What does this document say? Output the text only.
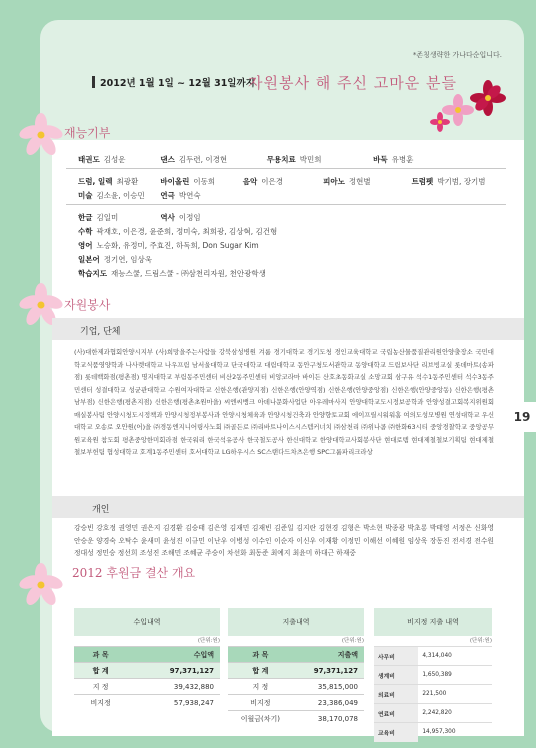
*존칭생략한 가나다순입니다.
2012년 1월 1일 ~ 12월 31일까지
자원봉사 해 주신 고마운 분들
재능기부
태권도 김성운	댄스 김두련, 이경현	무용치료 박민희	바둑 유병훈
드럼, 일렉 최광환	바이올린 이동희	음악 이은경	피아노 정현별	트럼펫 박기범, 장기범
미술 김소윤, 이승민 연극 박연숙
한글 김일미	역사 이정임
수학 곽재호, 이은경, 윤준희, 정미숙, 최희광, 김상혁, 김건형
영어 노승화, 유정미, 주효진, 하독희, Don Sugar Kim
일본어 정기연, 임상욱
학습지도 재능스쿨, 드림스쿨 - ㈜삼천리자원, 천안광학생
자원봉사
기업, 단체
(사)대한제과협회안양시지부 (사)희망을주는사람들 강북삼성병원 겨룸 경기대학교 경기도청 경인교육대학교 국립농산물품질관리원안양출장소 국민대학교식품영양학과 나사렛대학교 나우프림 남서울대학교 단국대학교 대림대학교 동안구청도서관학교 동양대학교 드림보사단 리브빙교실 롯데마트(송파점) 롯데백화점(평촌점) 명지대학교 부림동주민센터 비산2동주민센터 비앙코라마 바이든 산호초동화교실 소망교회 삼구유 석수1동주민센터 석수3동주민센터 성결대학교 성균관대학교 수원여자대학교 신한은행(관양지점) 신한은행(안양역점) 신한은행(안양중앙점) 신한은행(안양중앙동) 신한은행(평촌남부점) 신한은행(평촌지점) 신한은행(평촌초원마을) 씨엔씨뱅크 아데나문화사업단 아우레마사지 안양대학교도시정보공학과 안양성결고회복지위원회매실봉사팀 안양시청도시정책과 안양시청정부봉사과 안양시청체육과 안양시청건축과 안양향토교회 에이프릴시워워홈 여의도성모병원 연성대학교 우신대학교 오송로 오안원(어)을 ㈜경동엔지니어링사노회 ㈜골든로 ㈜리바트나이스시스템커너치 ㈜삼천리 ㈜위나콤 ㈜한화63시티 중앙경찰학교 중앙공무원교육원 참도회 평촌중앙한미회라점 한국워리 한국석유공사 한국철도공사 한신대학교 한양대학교사회봉사단 현대로템 현대제철철보기획팀 현대제철철보부헌팀 협성대학교 호계1동주민센터 호서대학교 LG하우시스 SC스탠다드차츠은행 SPC그룹파리크라상
개인
강승빈 강호정 권영민 권은지 김경환 김승태 김은영 김재민 김재빈 김준일 김지란 김현경 김형은 박소현 박종광 박초롱 박태영 서정은 신화영 안승운 양경숙 오탁수 윤새미 윤성진 이규민 이난우 이병성 이수인 이순자 이신우 이재황 이정민 이해선 이혜원 임상욱 장동진 전서경 전수원 정대성 정민승 정선희 조성진 조해민 조혜균 주승이 차선화 최동준 최예지 최윤미 하대근 하재중
2012 후원금 결산 개요
수입내역
(단위:원)
과 목	수입액
합 계	97,371,127
지 정	39,432,880
비지정	57,938,247
지출내역
(단위:원)
과 목	지출액
합 계	97,371,127
지 정	35,815,000
비지정	23,386,049
이월금(차기)	38,170,078
비지정 지출 내역
(단위:원)
사무비	4,314,040
생계비	1,650,389
의료비	221,500
연료비	2,242,820
교육비	14,957,300
19
